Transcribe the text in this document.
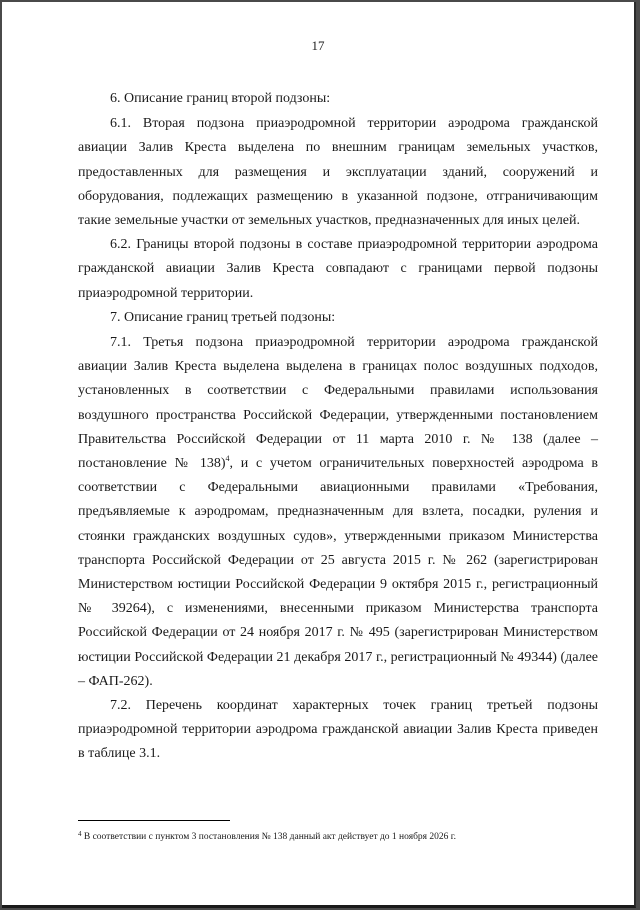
17

6. Описание границ второй подзоны:

6.1. Вторая подзона приаэродромной территории аэродрома гражданской авиации Залив Креста выделена по внешним границам земельных участков, предоставленных для размещения и эксплуатации зданий, сооружений и оборудования, подлежащих размещению в указанной подзоне, отграничивающим такие земельные участки от земельных участков, предназначенных для иных целей.

6.2. Границы второй подзоны в составе приаэродромной территории аэродрома гражданской авиации Залив Креста совпадают с границами первой подзоны приаэродромной территории.

7. Описание границ третьей подзоны:

7.1. Третья подзона приаэродромной территории аэродрома гражданской авиации Залив Креста выделена выделена в границах полос воздушных подходов, установленных в соответствии с Федеральными правилами использования воздушного пространства Российской Федерации, утвержденными постановлением Правительства Российской Федерации от 11 марта 2010 г. № 138 (далее – постановление № 138)$^4$, и с учетом ограничительных поверхностей аэродрома в соответствии с Федеральными авиационными правилами «Требования, предъявляемые к аэродромам, предназначенным для взлета, посадки, руления и стоянки гражданских воздушных судов», утвержденными приказом Министерства транспорта Российской Федерации от 25 августа 2015 г. № 262 (зарегистрирован Министерством юстиции Российской Федерации 9 октября 2015 г., регистрационный № 39264), с изменениями, внесенными приказом Министерства транспорта Российской Федерации от 24 ноября 2017 г. № 495 (зарегистрирован Министерством юстиции Российской Федерации 21 декабря 2017 г., регистрационный № 49344) (далее – ФАП-262).

7.2. Перечень координат характерных точек границ третьей подзоны приаэродромной территории аэродрома гражданской авиации Залив Креста приведен в таблице 3.1.

$^4$ В соответствии с пунктом 3 постановления № 138 данный акт действует до 1 ноября 2026 г.
